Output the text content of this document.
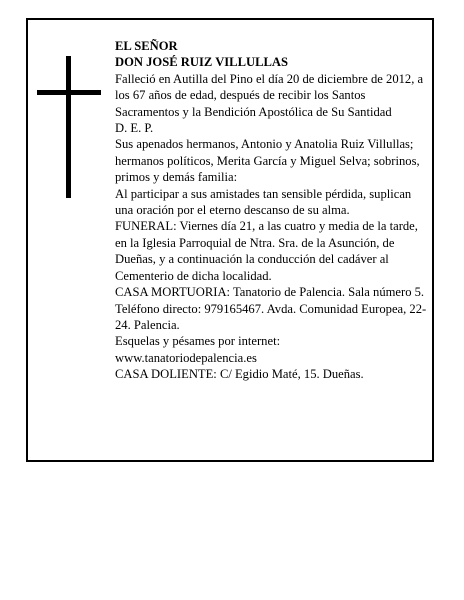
EL SEÑOR
DON JOSÉ RUIZ VILLULLAS
Falleció en Autilla del Pino el día 20 de diciembre de 2012, a los 67 años de edad, después de recibir los Santos Sacramentos y la Bendición Apostólica de Su Santidad
D. E. P.
Sus apenados hermanos, Antonio y Anatolia Ruiz Villullas; hermanos políticos, Merita García y Miguel Selva; sobrinos, primos y demás familia:
Al participar a sus amistades tan sensible pérdida, suplican una oración por el eterno descanso de su alma.
FUNERAL: Viernes día 21, a las cuatro y media de la tarde, en la Iglesia Parroquial de Ntra. Sra. de la Asunción, de Dueñas, y a continuación la conducción del cadáver al Cementerio de dicha localidad.
CASA MORTUORIA: Tanatorio de Palencia. Sala número 5. Teléfono directo: 979165467. Avda. Comunidad Europea, 22-24. Palencia.
Esquelas y pésames por internet:
www.tanatoriodepalencia.es
CASA DOLIENTE: C/ Egidio Maté, 15. Dueñas.
